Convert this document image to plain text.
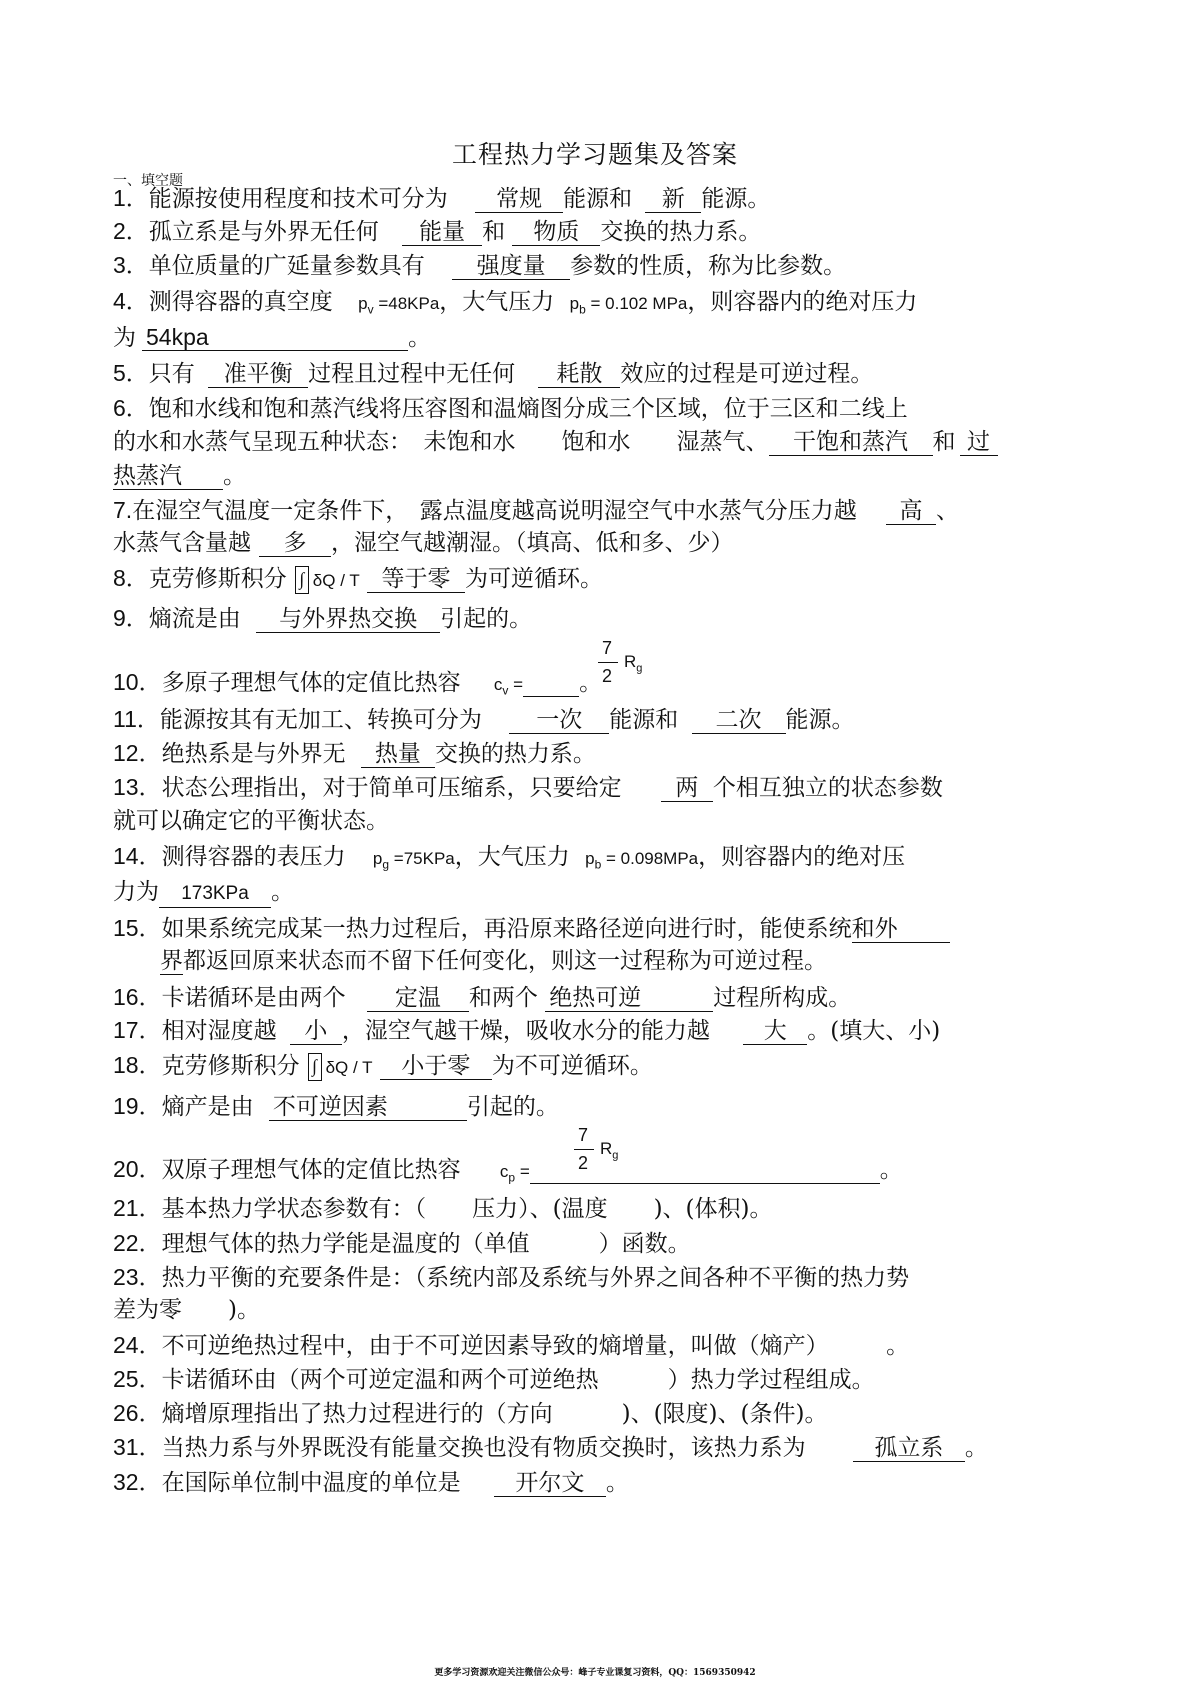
工程热力学习题集及答案
一、填空题
1．能源按使用程度和技术可分为 常规 能源和 新 能源。
2．孤立系是与外界无任何 能量 和 物质 交换的热力系。
3．单位质量的广延量参数具有 强度量 参数的性质，称为比参数。
4．测得容器的真空度 $p_v =48KPa$，大气压力 $p_b = 0.102$ MPa，则容器内的绝对压力
为 54kpa	。
5．只有 准平衡 过程且过程中无任何 耗散 效应的过程是可逆过程。
6．饱和水线和饱和蒸汽线将压容图和温熵图分成三个区域，位于三区和二线上
的水和水蒸气呈现五种状态：　未饱和水　　饱和水　　湿蒸气、 干饱和蒸汽 和 过
热蒸汽 。
7.在湿空气温度一定条件下，　露点温度越高说明湿空气中水蒸气分压力越 高 、
水蒸气含量越 多 ，湿空气越潮湿。（填高、低和多、少）
8．克劳修斯积分 ∫ δQ / T 等于零 为可逆循环。
9．熵流是由 与外界热交换 引起的。
7
2
$R_g$
10．多原子理想气体的定值比热容 $c_v$ = 。
11．能源按其有无加工、转换可分为 一次 能源和 二次 能源。
12．绝热系是与外界无 热量 交换的热力系。
13．状态公理指出，对于简单可压缩系，只要给定 两 个相互独立的状态参数
就可以确定它的平衡状态。
14．测得容器的表压力 $p_g =75KPa$，大气压力 $p_b = 0.098MPa$，则容器内的绝对压
力为 173KPa 。
15．如果系统完成某一热力过程后，再沿原来路径逆向进行时，能使系统和外
界都返回原来状态而不留下任何变化，则这一过程称为可逆过程。
16．卡诺循环是由两个 定温 和两个 绝热可逆	过程所构成。
17．相对湿度越 小 ，湿空气越干燥，吸收水分的能力越 大 。(填大、小)
18．克劳修斯积分 ∫ δQ / T 小于零 为不可逆循环。
19．熵产是由 不可逆因素	引起的。
7
2
$R_g$
20．双原子理想气体的定值比热容 $c_p$ =	。
21．基本热力学状态参数有：（　　压力）、(温度　　)、(体积)。
22．理想气体的热力学能是温度的（单值　　　）函数。
23．热力平衡的充要条件是：（系统内部及系统与外界之间各种不平衡的热力势
差为零　　)。
24．不可逆绝热过程中，由于不可逆因素导致的熵增量，叫做（熵产）　　　。
25．卡诺循环由（两个可逆定温和两个可逆绝热　　　）热力学过程组成。
26．熵增原理指出了热力过程进行的（方向　　　)、(限度)、(条件)。
31．当热力系与外界既没有能量交换也没有物质交换时，该热力系为	孤立系 。
32．在国际单位制中温度的单位是 开尔文 。
更多学习资源欢迎关注微信公众号：峰子专业课复习资料，QQ：1569350942
